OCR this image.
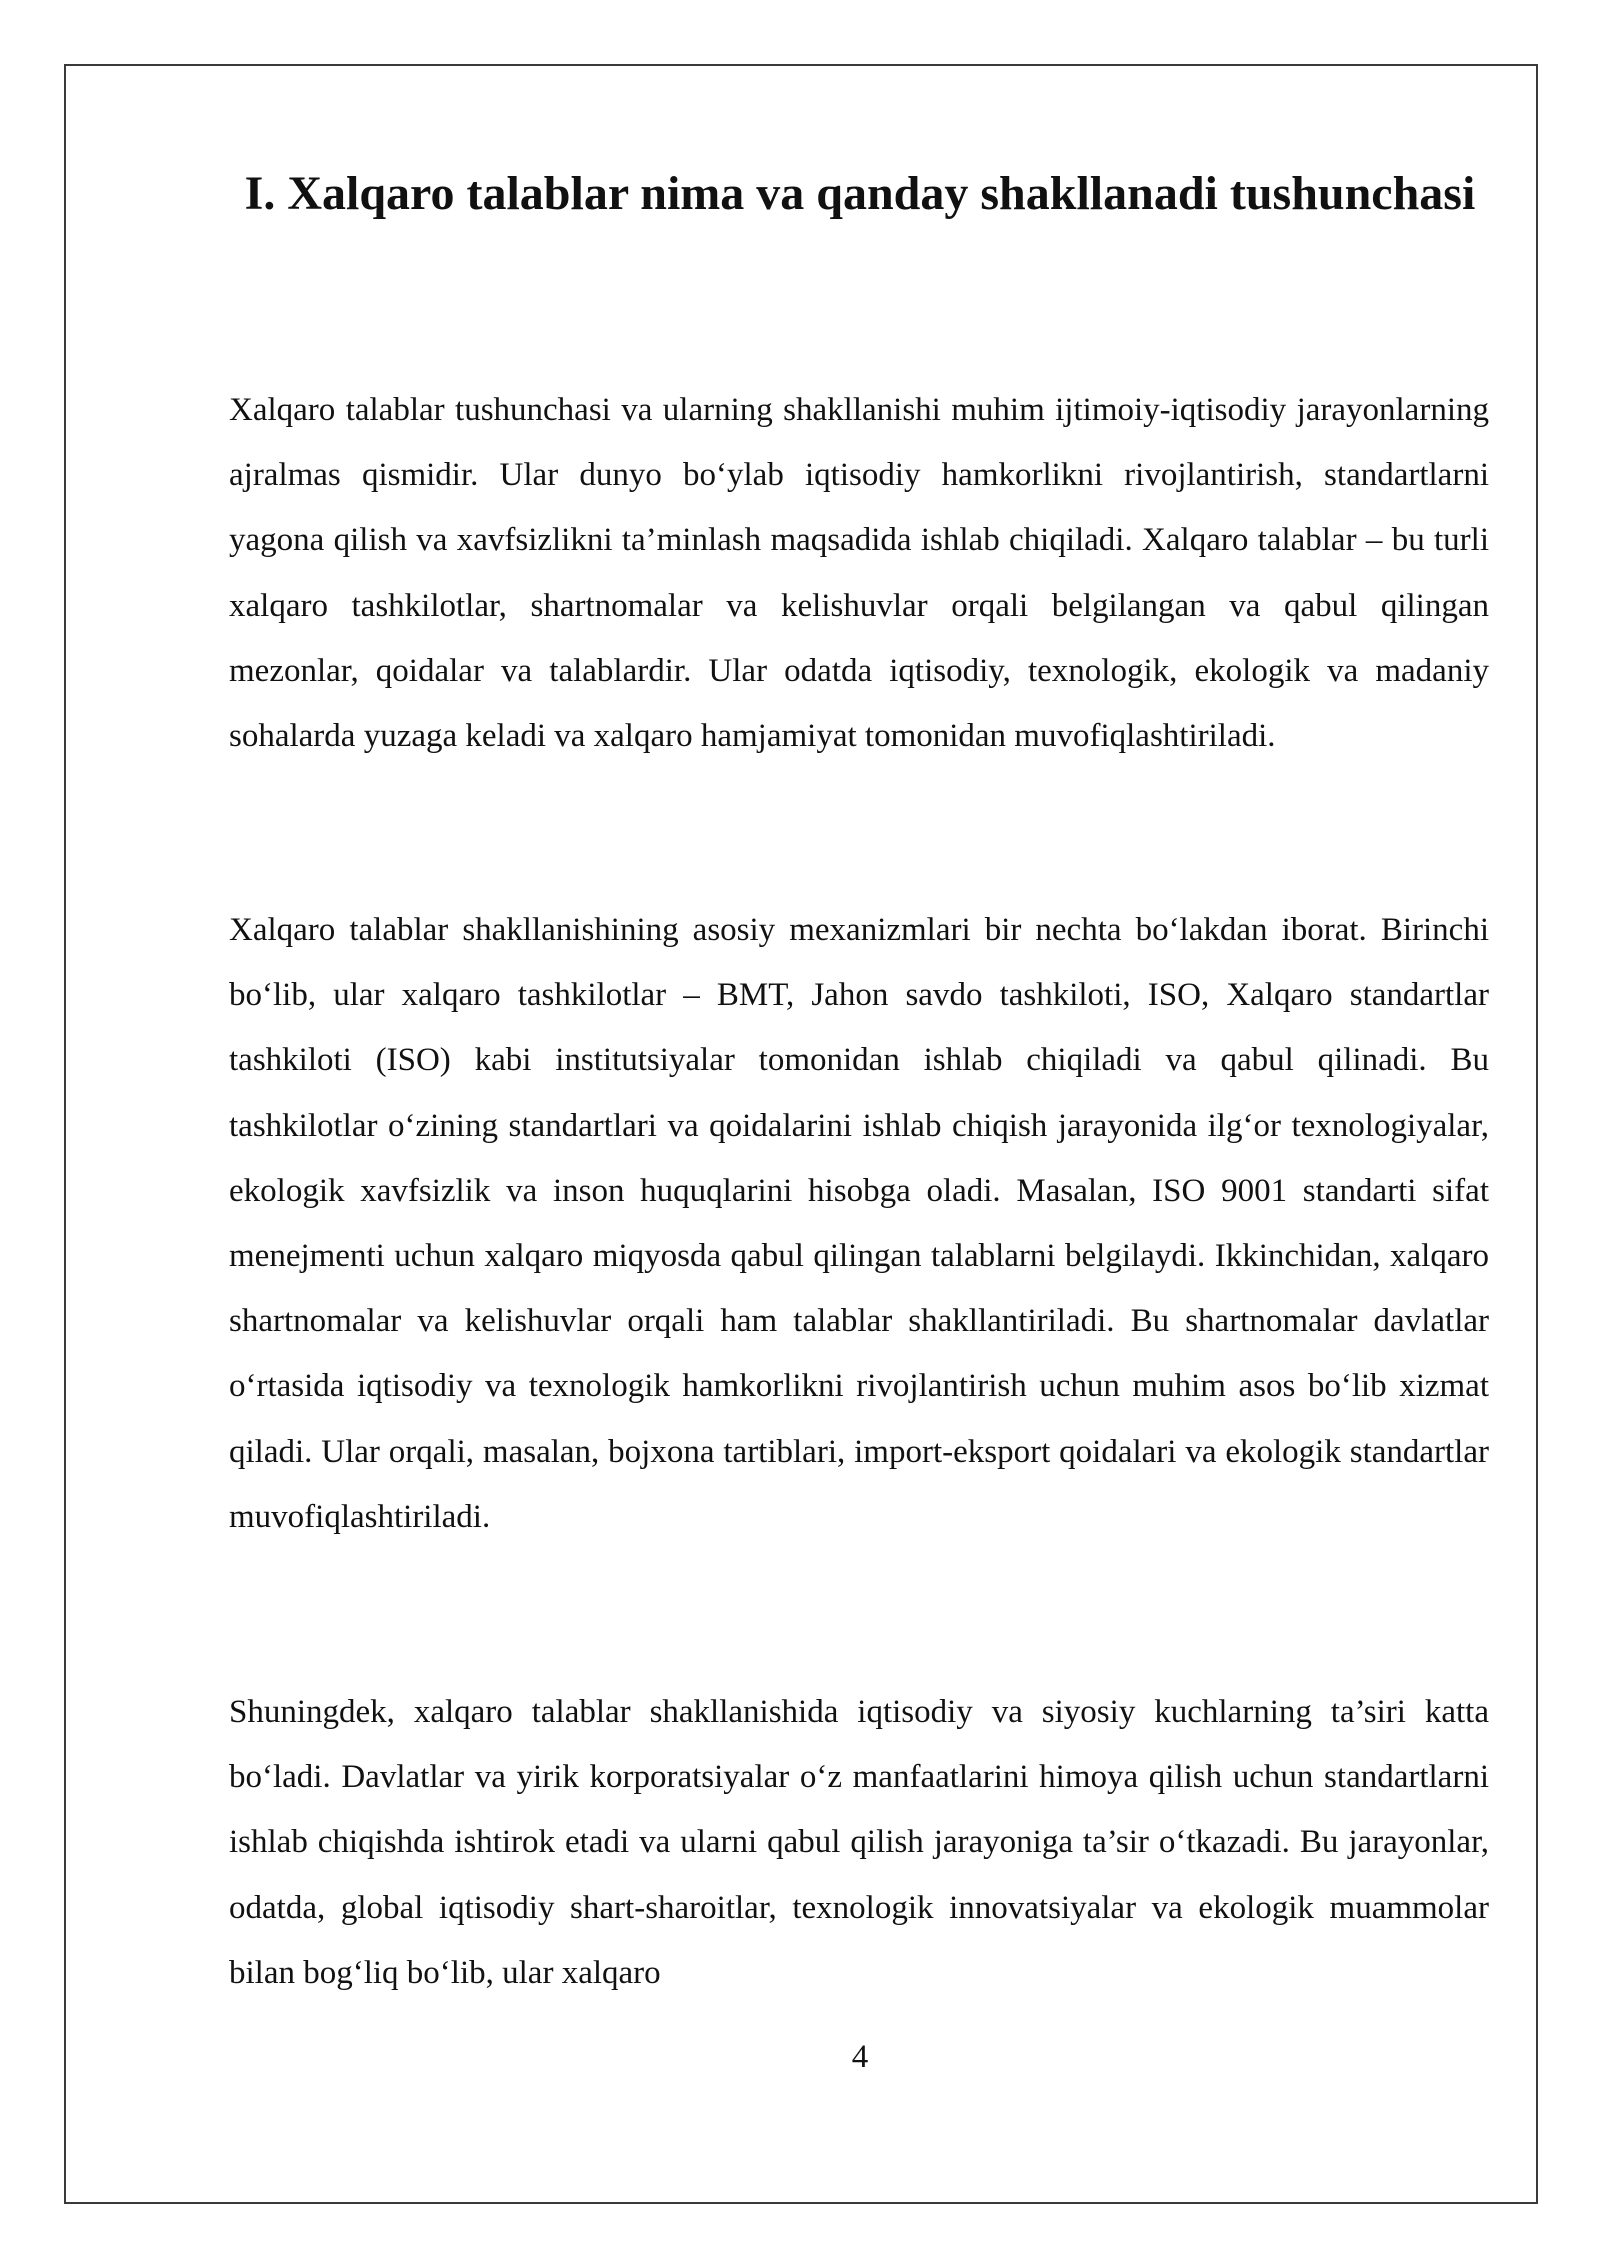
I. Xalqaro talablar nima va qanday shakllanadi tushunchasi

Xalqaro talablar tushunchasi va ularning shakllanishi muhim ijtimoiy-iqtisodiy jarayonlarning ajralmas qismidir. Ular dunyo bo‘ylab iqtisodiy hamkorlikni rivojlantirish, standartlarni yagona qilish va xavfsizlikni ta’minlash maqsadida ishlab chiqiladi. Xalqaro talablar – bu turli xalqaro tashkilotlar, shartnomalar va kelishuvlar orqali belgilangan va qabul qilingan mezonlar, qoidalar va talablardir. Ular odatda iqtisodiy, texnologik, ekologik va madaniy sohalarda yuzaga keladi va xalqaro hamjamiyat tomonidan muvofiqlashtiriladi.

Xalqaro talablar shakllanishining asosiy mexanizmlari bir nechta bo‘lakdan iborat. Birinchi bo‘lib, ular xalqaro tashkilotlar – BMT, Jahon savdo tashkiloti, ISO, Xalqaro standartlar tashkiloti (ISO) kabi institutsiyalar tomonidan ishlab chiqiladi va qabul qilinadi. Bu tashkilotlar o‘zining standartlari va qoidalarini ishlab chiqish jarayonida ilg‘or texnologiyalar, ekologik xavfsizlik va inson huquqlarini hisobga oladi. Masalan, ISO 9001 standarti sifat menejmenti uchun xalqaro miqyosda qabul qilingan talablarni belgilaydi. Ikkinchidan, xalqaro shartnomalar va kelishuvlar orqali ham talablar shakllantiriladi. Bu shartnomalar davlatlar o‘rtasida iqtisodiy va texnologik hamkorlikni rivojlantirish uchun muhim asos bo‘lib xizmat qiladi. Ular orqali, masalan, bojxona tartiblari, import-eksport qoidalari va ekologik standartlar muvofiqlashtiriladi.

Shuningdek, xalqaro talablar shakllanishida iqtisodiy va siyosiy kuchlarning ta’siri katta bo‘ladi. Davlatlar va yirik korporatsiyalar o‘z manfaatlarini himoya qilish uchun standartlarni ishlab chiqishda ishtirok etadi va ularni qabul qilish jarayoniga ta’sir o‘tkazadi. Bu jarayonlar, odatda, global iqtisodiy shart-sharoitlar, texnologik innovatsiyalar va ekologik muammolar bilan bog‘liq bo‘lib, ular xalqaro

4
